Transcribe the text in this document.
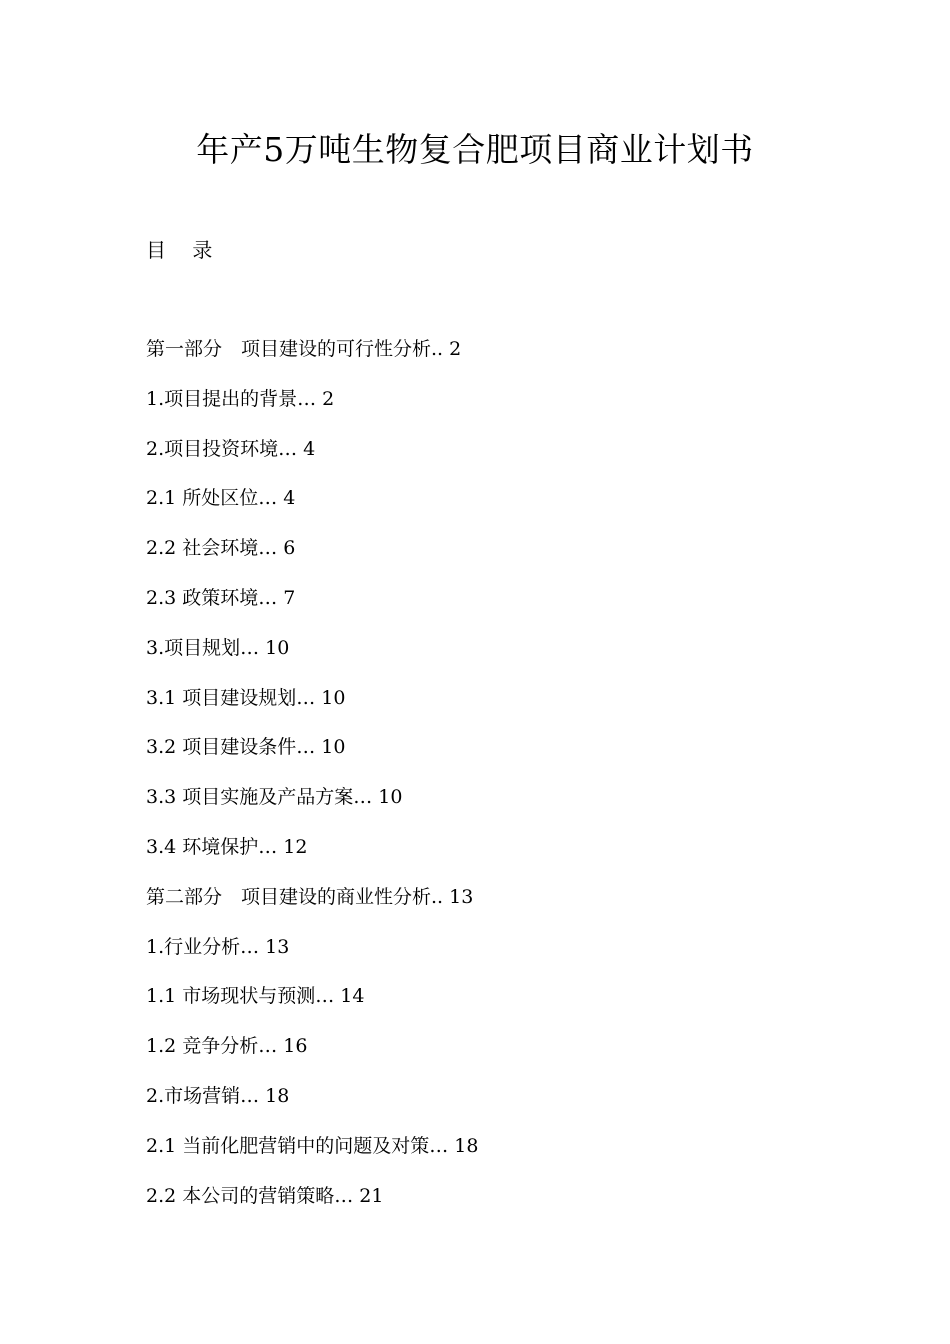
年产5万吨生物复合肥项目商业计划书
目 录
第一部分　项目建设的可行性分析.. 2
1.项目提出的背景… 2
2.项目投资环境… 4
2.1 所处区位… 4
2.2 社会环境… 6
2.3 政策环境… 7
3.项目规划… 10
3.1 项目建设规划… 10
3.2 项目建设条件… 10
3.3 项目实施及产品方案… 10
3.4 环境保护… 12
第二部分　项目建设的商业性分析.. 13
1.行业分析… 13
1.1 市场现状与预测… 14
1.2 竞争分析… 16
2.市场营销… 18
2.1 当前化肥营销中的问题及对策… 18
2.2 本公司的营销策略… 21
